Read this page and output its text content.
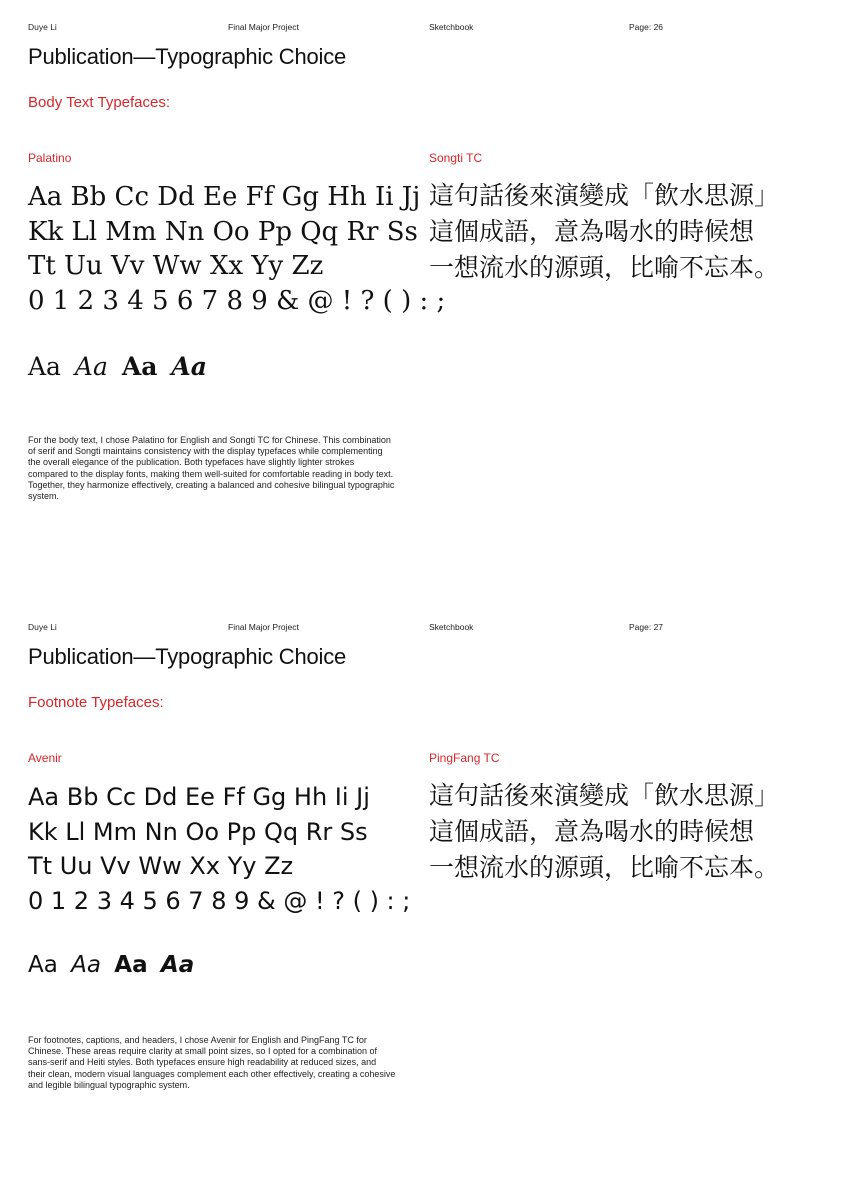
Duye Li	Final Major Project	Sketchbook	Page: 26
Publication—Typographic Choice
Body Text Typefaces:
Palatino	Songti TC
Aa Bb Cc Dd Ee Ff Gg Hh Ii Jj
Kk Ll Mm Nn Oo Pp Qq Rr Ss
Tt Uu Vv Ww Xx Yy Zz
0 1 2 3 4 5 6 7 8 9 & @ ! ? ( ) : ;
這句話後來演變成「飲水思源」
這個成語，意為喝水的時候想
一想流水的源頭，比喻不忘本。
Aa Aa Aa Aa
For the body text, I chose Palatino for English and Songti TC for Chinese. This combination of serif and Songti maintains consistency with the display typefaces while complementing the overall elegance of the publication. Both typefaces have slightly lighter strokes compared to the display fonts, making them well-suited for comfortable reading in body text. Together, they harmonize effectively, creating a balanced and cohesive bilingual typographic system.
Duye Li	Final Major Project	Sketchbook	Page: 27
Publication—Typographic Choice
Footnote Typefaces:
Avenir	PingFang TC
Aa Bb Cc Dd Ee Ff Gg Hh Ii Jj
Kk Ll Mm Nn Oo Pp Qq Rr Ss
Tt Uu Vv Ww Xx Yy Zz
0 1 2 3 4 5 6 7 8 9 & @ ! ? ( ) : ;
這句話後來演變成「飲水思源」
這個成語，意為喝水的時候想
一想流水的源頭，比喻不忘本。
Aa Aa Aa Aa
For footnotes, captions, and headers, I chose Avenir for English and PingFang TC for Chinese. These areas require clarity at small point sizes, so I opted for a combination of sans-serif and Heiti styles. Both typefaces ensure high readability at reduced sizes, and their clean, modern visual languages complement each other effectively, creating a cohesive and legible bilingual typographic system.
